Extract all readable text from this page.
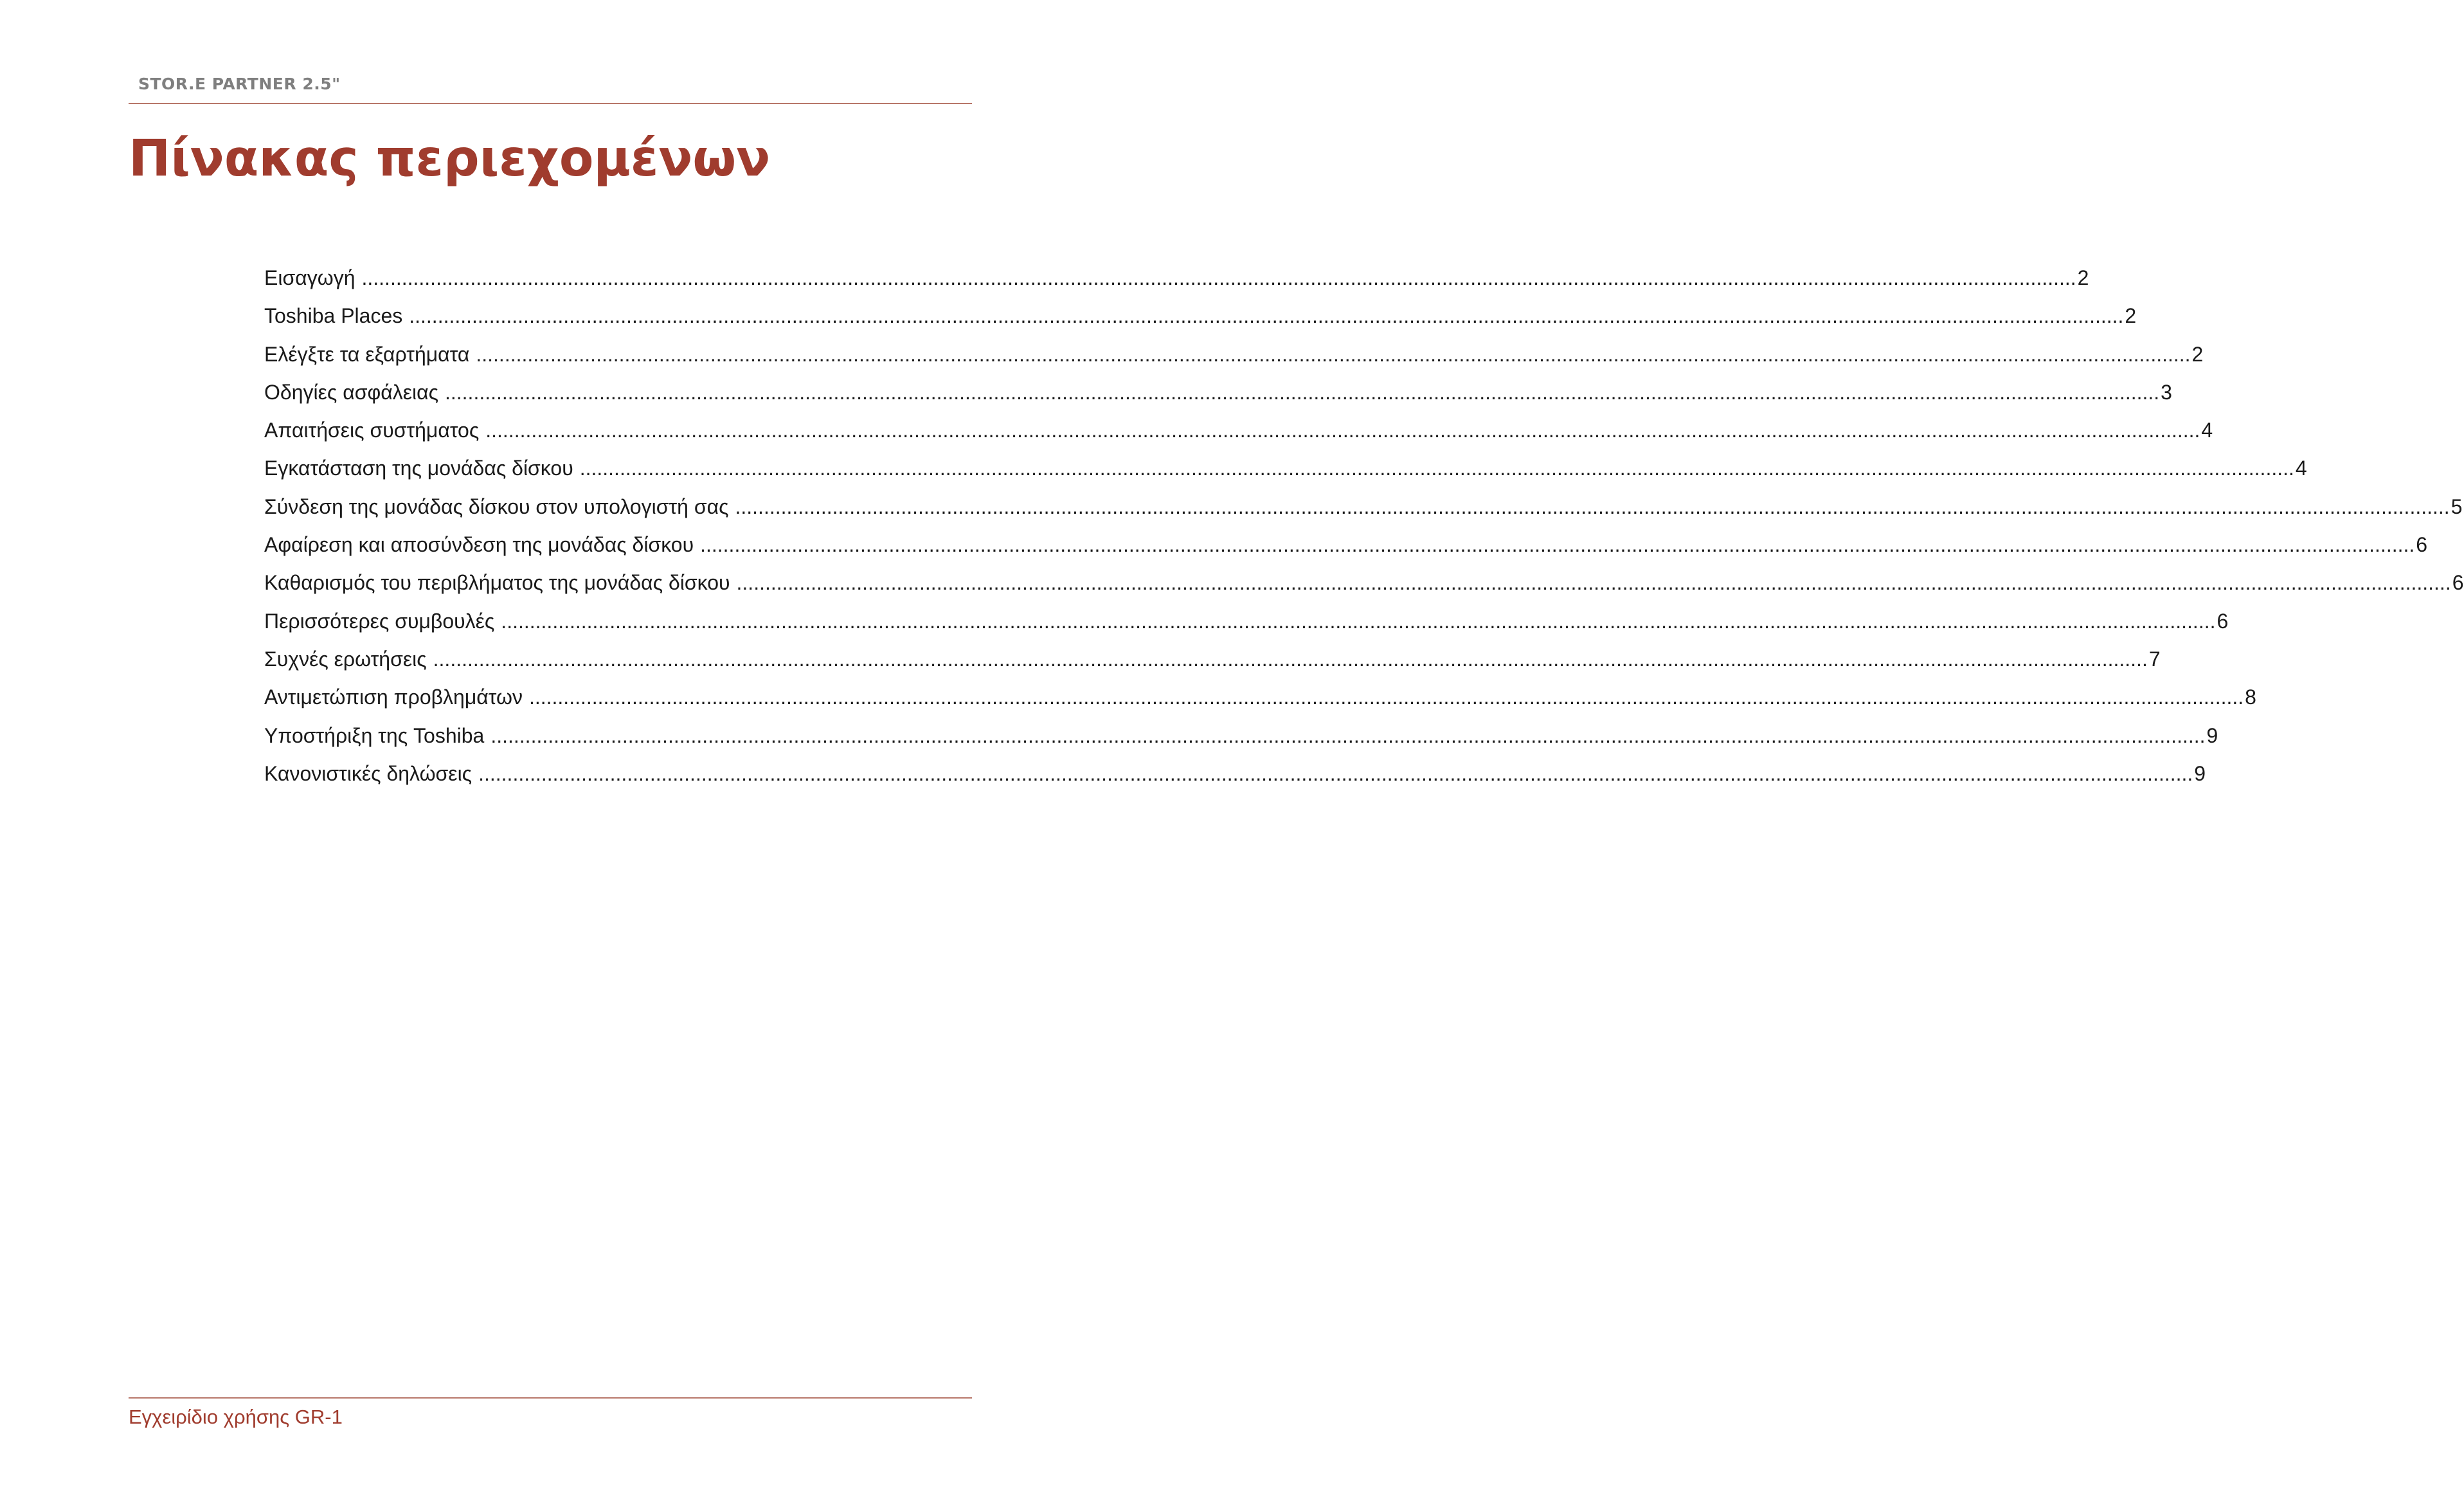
STOR.E PARTNER 2.5"
Πίνακας περιεχομένων
Εισαγωγή ............................................................................................................................................................................................................................................................................................................ 2
Toshiba Places ............................................................................................................................................................................................................................................................................................................ 2
Ελέγξτε τα εξαρτήματα ............................................................................................................................................................................................................................................................................................................ 2
Οδηγίες ασφάλειας ............................................................................................................................................................................................................................................................................................................ 3
Απαιτήσεις συστήματος ............................................................................................................................................................................................................................................................................................................ 4
Εγκατάσταση της μονάδας δίσκου ............................................................................................................................................................................................................................................................................................................ 4
Σύνδεση της μονάδας δίσκου στον υπολογιστή σας ............................................................................................................................................................................................................................................................................................................ 5
Αφαίρεση και αποσύνδεση της μονάδας δίσκου ............................................................................................................................................................................................................................................................................................................ 6
Καθαρισμός του περιβλήματος της μονάδας δίσκου ............................................................................................................................................................................................................................................................................................................ 6
Περισσότερες συμβουλές ............................................................................................................................................................................................................................................................................................................ 6
Συχνές ερωτήσεις ............................................................................................................................................................................................................................................................................................................ 7
Αντιμετώπιση προβλημάτων ............................................................................................................................................................................................................................................................................................................ 8
Υποστήριξη της Toshiba ............................................................................................................................................................................................................................................................................................................ 9
Κανονιστικές δηλώσεις ............................................................................................................................................................................................................................................................................................................ 9
Εγχειρίδιο χρήσης GR-1
